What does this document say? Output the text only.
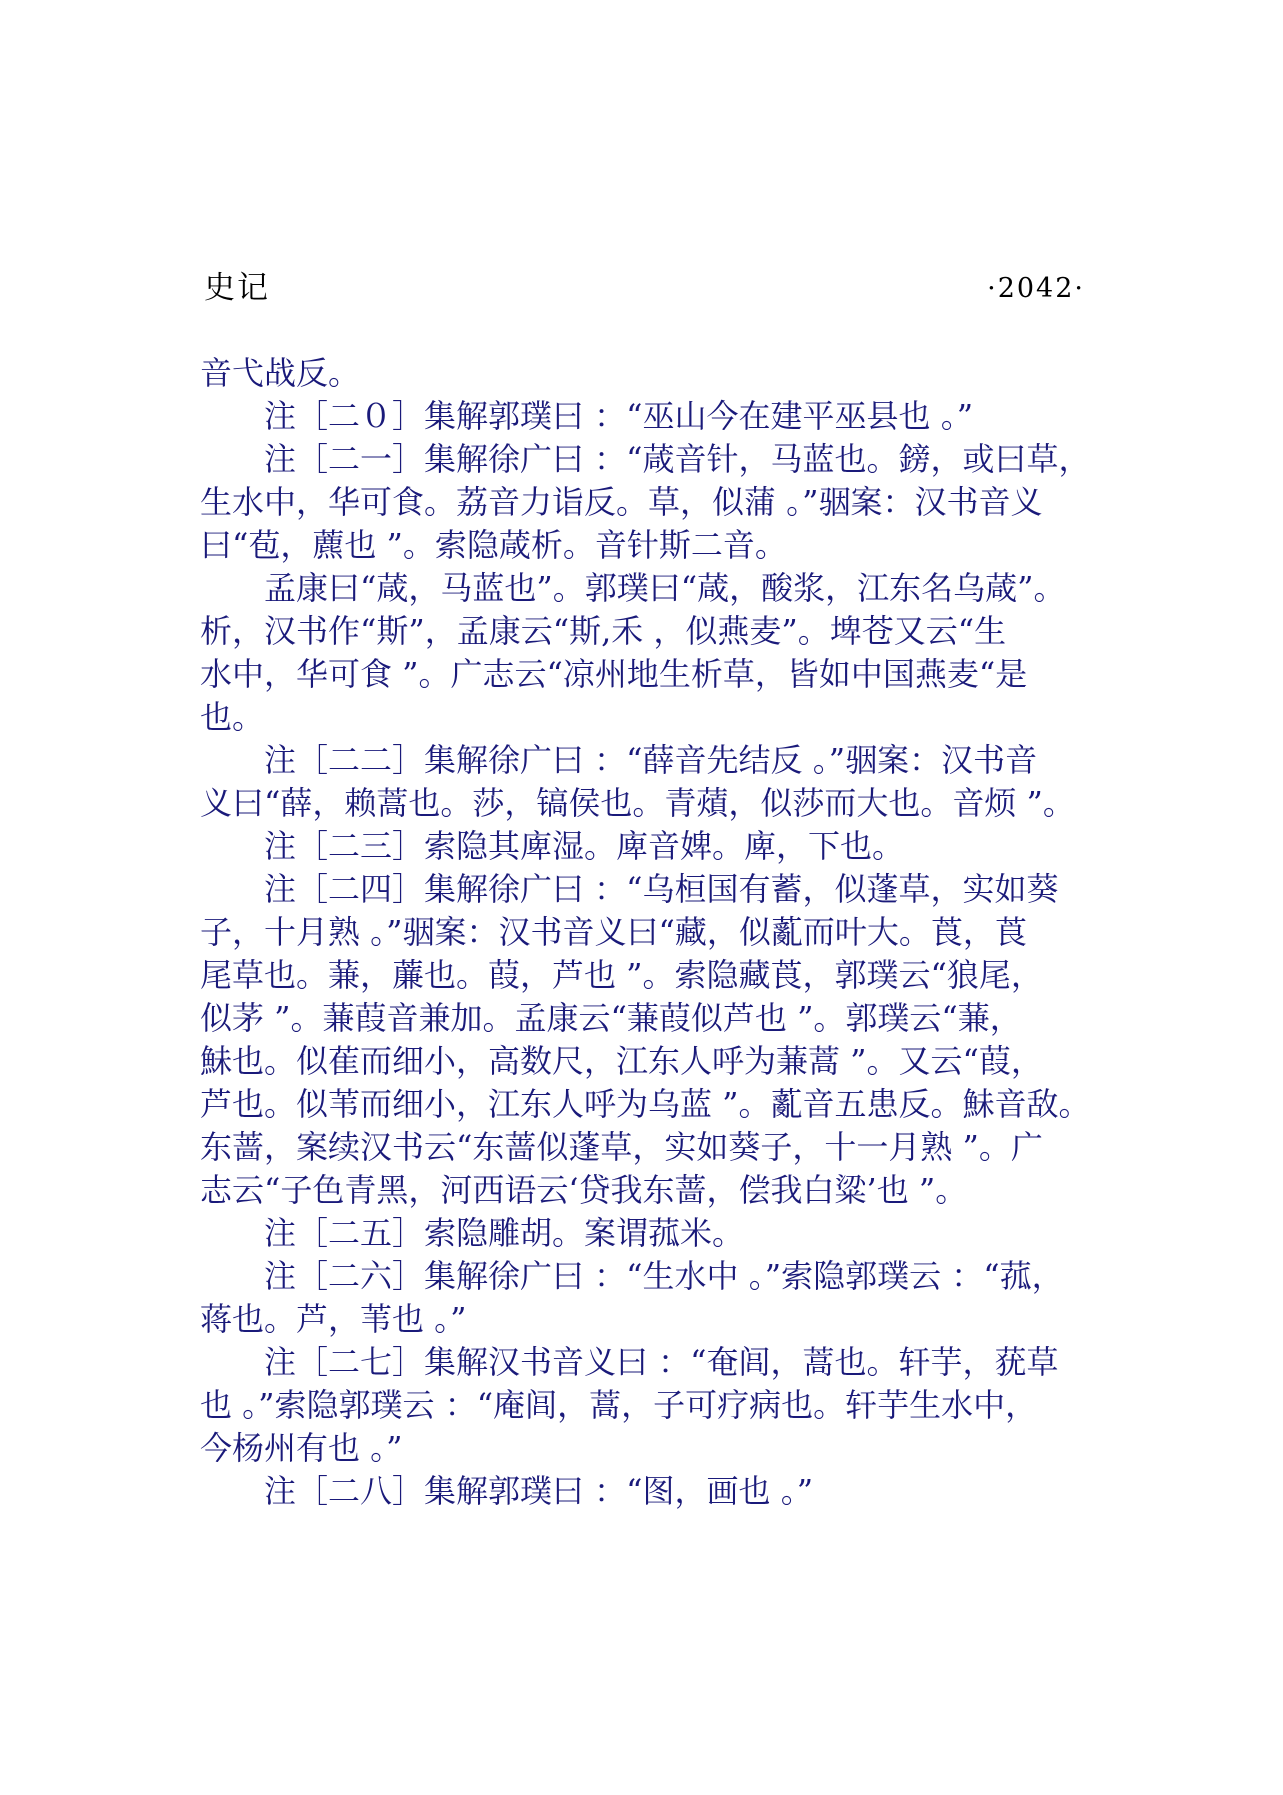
史记	·2042·
音弋战反。
注［二０］集解郭璞曰 ：“巫山今在建平巫县也 。”
注［二一］集解徐广曰 ：“葴音针，马蓝也。鎊，或曰草，
生水中，华可食。荔音力诣反。草，似蒲 。”骃案：汉书音义
曰“苞，藨也 ”。索隐葴析。音针斯二音。
孟康曰“葴，马蓝也”。郭璞曰“葴，酸浆，江东名乌葴”。
析，汉书作“斯”，孟康云“斯,禾 ，似燕麦”。埤苍又云“生
水中，华可食 ”。广志云“凉州地生析草，皆如中国燕麦“是
也。
注［二二］集解徐广曰 ：“薛音先结反 。”骃案：汉书音
义曰“薛，赖蒿也。莎，镐侯也。青薠，似莎而大也。音烦 ”。
注［二三］索隐其庳湿。庳音婢。庳，下也。
注［二四］集解徐广曰 ：“乌桓国有蓄，似蓬草，实如葵
子，十月熟 。”骃案：汉书音义曰“藏，似薍而叶大。莨，莨
尾草也。蒹，薕也。葭，芦也 ”。索隐藏莨，郭璞云“狼尾，
似茅 ”。蒹葭音兼加。孟康云“蒹葭似芦也 ”。郭璞云“蒹，
鮇也。似萑而细小，高数尺，江东人呼为蒹蒿 ”。又云“葭，
芦也。似苇而细小，江东人呼为乌蓝 ”。薍音五患反。鮇音敌。
东蔷，案续汉书云“东蔷似蓬草，实如葵子，十一月熟 ”。广
志云“子色青黑，河西语云‘贷我东蔷，偿我白粱’也 ”。
注［二五］索隐雕胡。案谓菰米。
注［二六］集解徐广曰 ：“生水中 。”索隐郭璞云 ：“菰，
蒋也。芦，苇也 。”
注［二七］集解汉书音义曰 ：“奄闾，蒿也。轩芋，莸草
也 。”索隐郭璞云 ：“庵闾，蒿，子可疗病也。轩芋生水中，
今杨州有也 。”
注［二八］集解郭璞曰 ：“图，画也 。”
